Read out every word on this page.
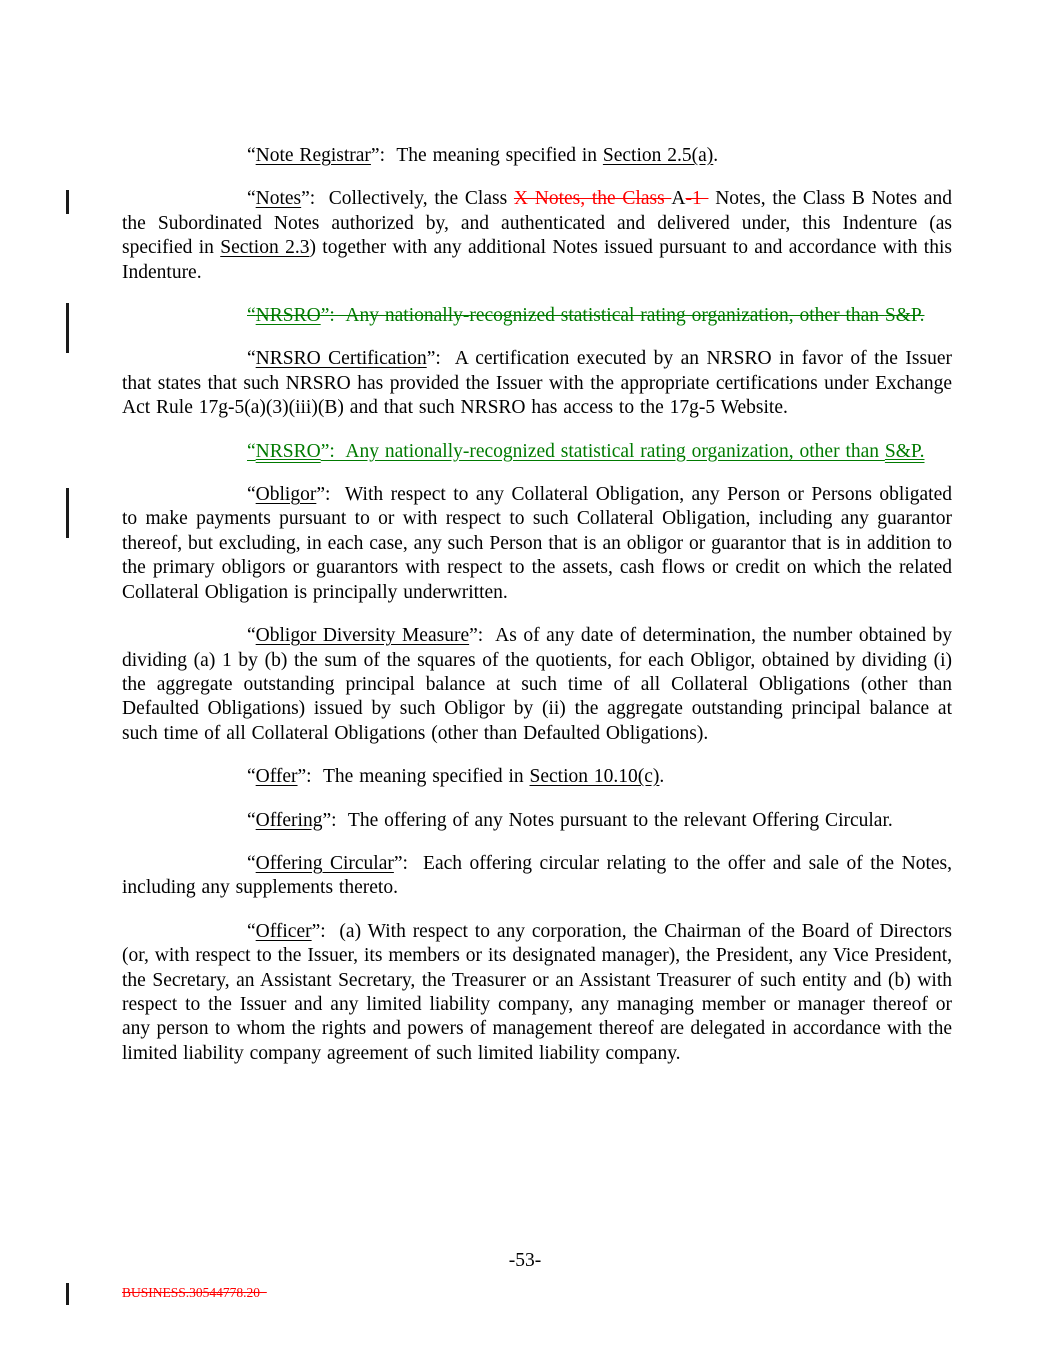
“Note Registrar”:  The meaning specified in Section 2.5(a).

“Notes”:  Collectively, the Class X Notes, the Class A-1  Notes, the Class B Notes and the Subordinated Notes authorized by, and authenticated and delivered under, this Indenture (as specified in Section 2.3) together with any additional Notes issued pursuant to and accordance with this Indenture.

“NRSRO”:  Any nationally-recognized statistical rating organization, other than S&P.

“NRSRO Certification”:  A certification executed by an NRSRO in favor of the Issuer that states that such NRSRO has provided the Issuer with the appropriate certifications under Exchange Act Rule 17g-5(a)(3)(iii)(B) and that such NRSRO has access to the 17g-5 Website.

“NRSRO”:  Any nationally-recognized statistical rating organization, other than S&P.

“Obligor”:  With respect to any Collateral Obligation, any Person or Persons obligated to make payments pursuant to or with respect to such Collateral Obligation, including any guarantor thereof, but excluding, in each case, any such Person that is an obligor or guarantor that is in addition to the primary obligors or guarantors with respect to the assets, cash flows or credit on which the related Collateral Obligation is principally underwritten.

“Obligor Diversity Measure”:  As of any date of determination, the number obtained by dividing (a) 1 by (b) the sum of the squares of the quotients, for each Obligor, obtained by dividing (i) the aggregate outstanding principal balance at such time of all Collateral Obligations (other than Defaulted Obligations) issued by such Obligor by (ii) the aggregate outstanding principal balance at such time of all Collateral Obligations (other than Defaulted Obligations).

“Offer”:  The meaning specified in Section 10.10(c).

“Offering”:  The offering of any Notes pursuant to the relevant Offering Circular.

“Offering Circular”:  Each offering circular relating to the offer and sale of the Notes, including any supplements thereto.

“Officer”:  (a) With respect to any corporation, the Chairman of the Board of Directors (or, with respect to the Issuer, its members or its designated manager), the President, any Vice President, the Secretary, an Assistant Secretary, the Treasurer or an Assistant Treasurer of such entity and (b) with respect to the Issuer and any limited liability company, any managing member or manager thereof or any person to whom the rights and powers of management thereof are delegated in accordance with the limited liability company agreement of such limited liability company.

-53-
BUSINESS.30544778.20
